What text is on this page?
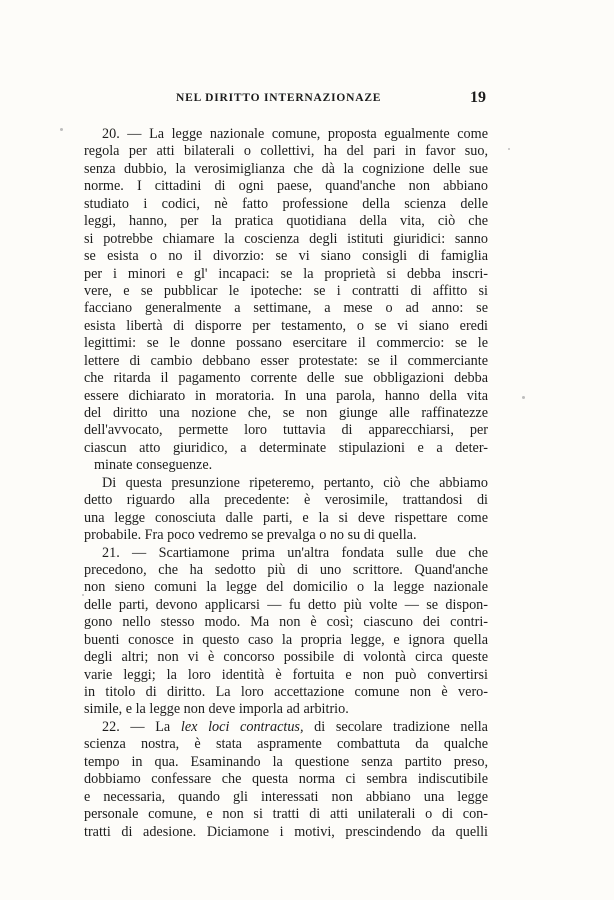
NEL DIRITTO INTERNAZIONAZE	19
20. — La legge nazionale comune, proposta egualmente come
regola per atti bilaterali o collettivi, ha del pari in favor suo,
senza dubbio, la verosimiglianza che dà la cognizione delle sue
norme. I cittadini di ogni paese, quand'anche non abbiano
studiato i codici, nè fatto professione della scienza delle
leggi, hanno, per la pratica quotidiana della vita, ciò che
si potrebbe chiamare la coscienza degli istituti giuridici: sanno
se esista o no il divorzio: se vi siano consigli di famiglia
per i minori e gl' incapaci: se la proprietà si debba inscri-
vere, e se pubblicar le ipoteche: se i contratti di affitto si
facciano generalmente a settimane, a mese o ad anno: se
esista libertà di disporre per testamento, o se vi siano eredi
legittimi: se le donne possano esercitare il commercio: se le
lettere di cambio debbano esser protestate: se il commerciante
che ritarda il pagamento corrente delle sue obbligazioni debba
essere dichiarato in moratoria. In una parola, hanno della vita
del diritto una nozione che, se non giunge alle raffinatezze
dell'avvocato, permette loro tuttavia di apparecchiarsi, per
ciascun atto giuridico, a determinate stipulazioni e a deter-
minate conseguenze.
Di questa presunzione ripeteremo, pertanto, ciò che abbiamo
detto riguardo alla precedente: è verosimile, trattandosi di
una legge conosciuta dalle parti, e la si deve rispettare come
probabile. Fra poco vedremo se prevalga o no su di quella.
21. — Scartiamone prima un'altra fondata sulle due che
precedono, che ha sedotto più di uno scrittore. Quand'anche
non sieno comuni la legge del domicilio o la legge nazionale
delle parti, devono applicarsi — fu detto più volte — se dispon-
gono nello stesso modo. Ma non è così; ciascuno dei contri-
buenti conosce in questo caso la propria legge, e ignora quella
degli altri; non vi è concorso possibile di volontà circa queste
varie leggi; la loro identità è fortuita e non può convertirsi
in titolo di diritto. La loro accettazione comune non è vero-
simile, e la legge non deve imporla ad arbitrio.
22. — La lex loci contractus, di secolare tradizione nella
scienza nostra, è stata aspramente combattuta da qualche
tempo in qua. Esaminando la questione senza partito preso,
dobbiamo confessare che questa norma ci sembra indiscutibile
e necessaria, quando gli interessati non abbiano una legge
personale comune, e non si tratti di atti unilaterali o di con-
tratti di adesione. Diciamone i motivi, prescindendo da quelli
